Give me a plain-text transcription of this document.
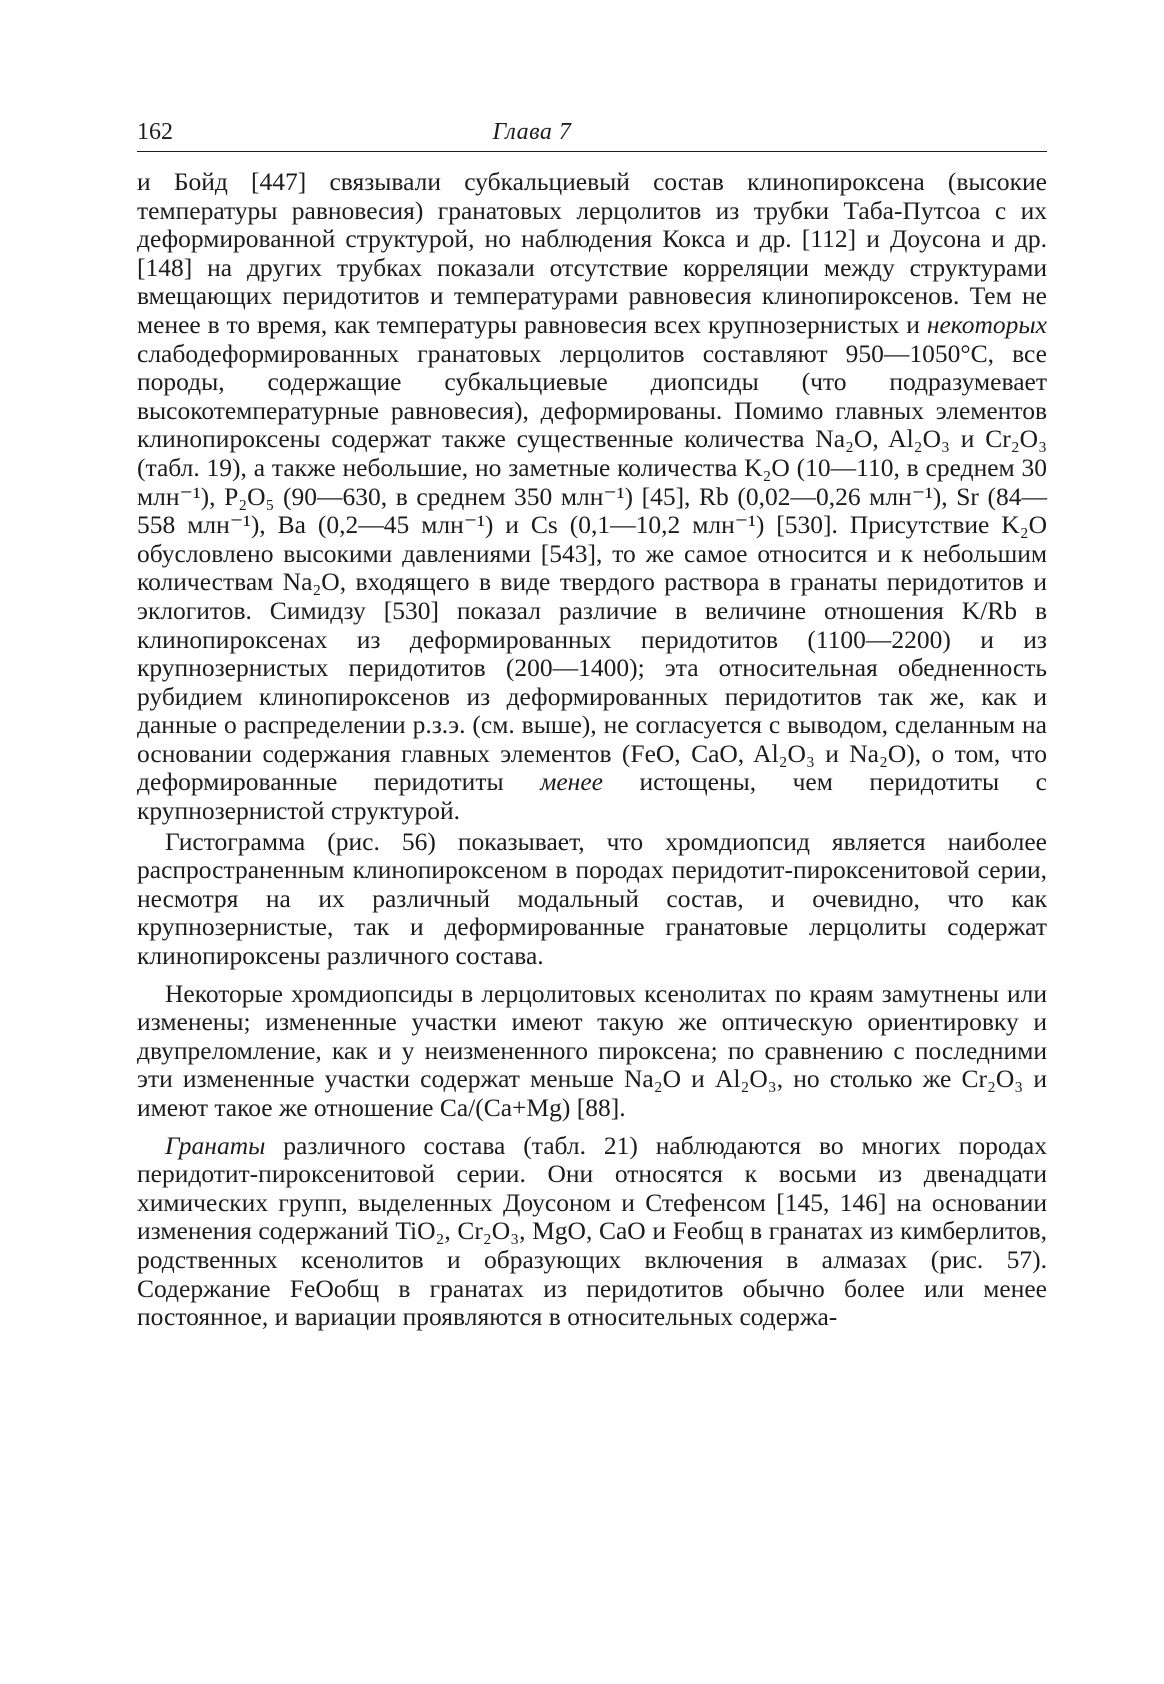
162	Глава 7

и Бойд [447] связывали субкальциевый состав клинопироксена (высокие температуры равновесия) гранатовых лерцолитов из трубки Таба-Путсоа с их деформированной структурой, но наблюдения Кокса и др. [112] и Доусона и др. [148] на других трубках показали отсутствие корреляции между структурами вмещающих перидотитов и температурами равновесия клинопироксенов. Тем не менее в то время, как температуры равновесия всех крупнозернистых и некоторых слабодеформированных гранатовых лерцолитов составляют 950—1050°С, все породы, содержащие субкальциевые диопсиды (что подразумевает высокотемпературные равновесия), деформированы. Помимо главных элементов клинопироксены содержат также существенные количества Na₂O, Al₂O₃ и Cr₂O₃ (табл. 19), а также небольшие, но заметные количества K₂O (10—110, в среднем 30 млн⁻¹), P₂O₅ (90—630, в среднем 350 млн⁻¹) [45], Rb (0,02—0,26 млн⁻¹), Sr (84—558 млн⁻¹), Ba (0,2—45 млн⁻¹) и Cs (0,1—10,2 млн⁻¹) [530]. Присутствие K₂O обусловлено высокими давлениями [543], то же самое относится и к небольшим количествам Na₂O, входящего в виде твердого раствора в гранаты перидотитов и эклогитов. Симидзу [530] показал различие в величине отношения K/Rb в клинопироксенах из деформированных перидотитов (1100—2200) и из крупнозернистых перидотитов (200—1400); эта относительная обедненность рубидием клинопироксенов из деформированных перидотитов так же, как и данные о распределении р.з.э. (см. выше), не согласуется с выводом, сделанным на основании содержания главных элементов (FeO, CaO, Al₂O₃ и Na₂O), о том, что деформированные перидотиты менее истощены, чем перидотиты с крупнозернистой структурой.

Гистограмма (рис. 56) показывает, что хромдиопсид является наиболее распространенным клинопироксеном в породах перидотит-пироксенитовой серии, несмотря на их различный модальный состав, и очевидно, что как крупнозернистые, так и деформированные гранатовые лерцолиты содержат клинопироксены различного состава.

Некоторые хромдиопсиды в лерцолитовых ксенолитах по краям замутнены или изменены; измененные участки имеют такую же оптическую ориентировку и двупреломление, как и у неизмененного пироксена; по сравнению с последними эти измененные участки содержат меньше Na₂O и Al₂O₃, но столько же Cr₂O₃ и имеют такое же отношение Ca/(Ca+Mg) [88].

Гранаты различного состава (табл. 21) наблюдаются во многих породах перидотит-пироксенитовой серии. Они относятся к восьми из двенадцати химических групп, выделенных Доусоном и Стефенсом [145, 146] на основании изменения содержаний TiO₂, Cr₂O₃, MgO, CaO и Feобщ в гранатах из кимберлитов, родственных ксенолитов и образующих включения в алмазах (рис. 57). Содержание FeOобщ в гранатах из перидотитов обычно более или менее постоянное, и вариации проявляются в относительных содержа-
